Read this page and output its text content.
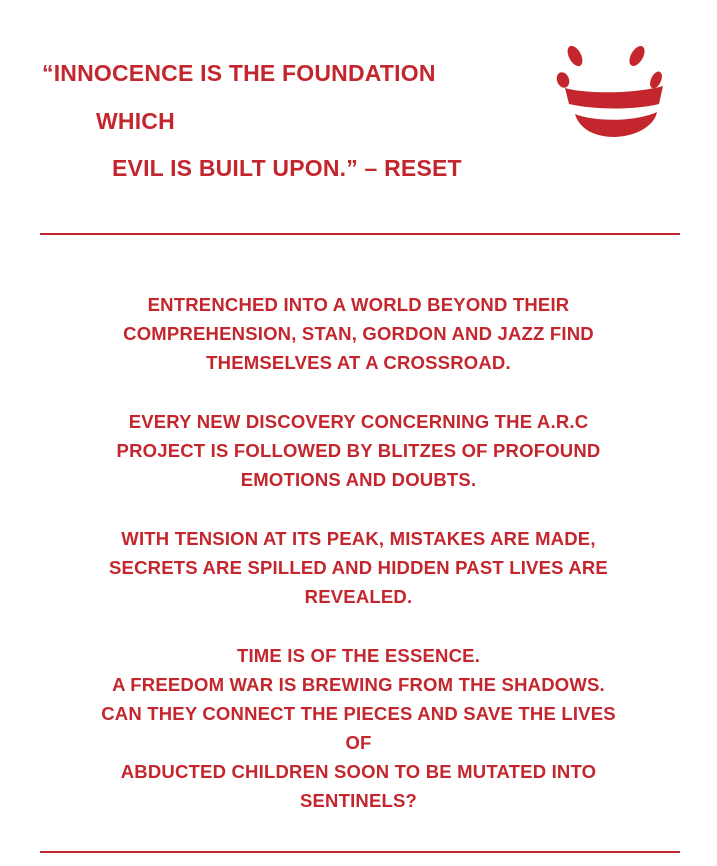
“INNOCENCE IS THE FOUNDATION
WHICH
EVIL IS BUILT UPON.” – RESET

ENTRENCHED INTO A WORLD BEYOND THEIR
COMPREHENSION, STAN, GORDON AND JAZZ FIND
THEMSELVES AT A CROSSROAD.

EVERY NEW DISCOVERY CONCERNING THE A.R.C
PROJECT IS FOLLOWED BY BLITZES OF PROFOUND
EMOTIONS AND DOUBTS.

WITH TENSION AT ITS PEAK, MISTAKES ARE MADE,
SECRETS ARE SPILLED AND HIDDEN PAST LIVES ARE
REVEALED.

TIME IS OF THE ESSENCE.
A FREEDOM WAR IS BREWING FROM THE SHADOWS.
CAN THEY CONNECT THE PIECES AND SAVE THE LIVES
OF
ABDUCTED CHILDREN SOON TO BE MUTATED INTO
SENTINELS?
